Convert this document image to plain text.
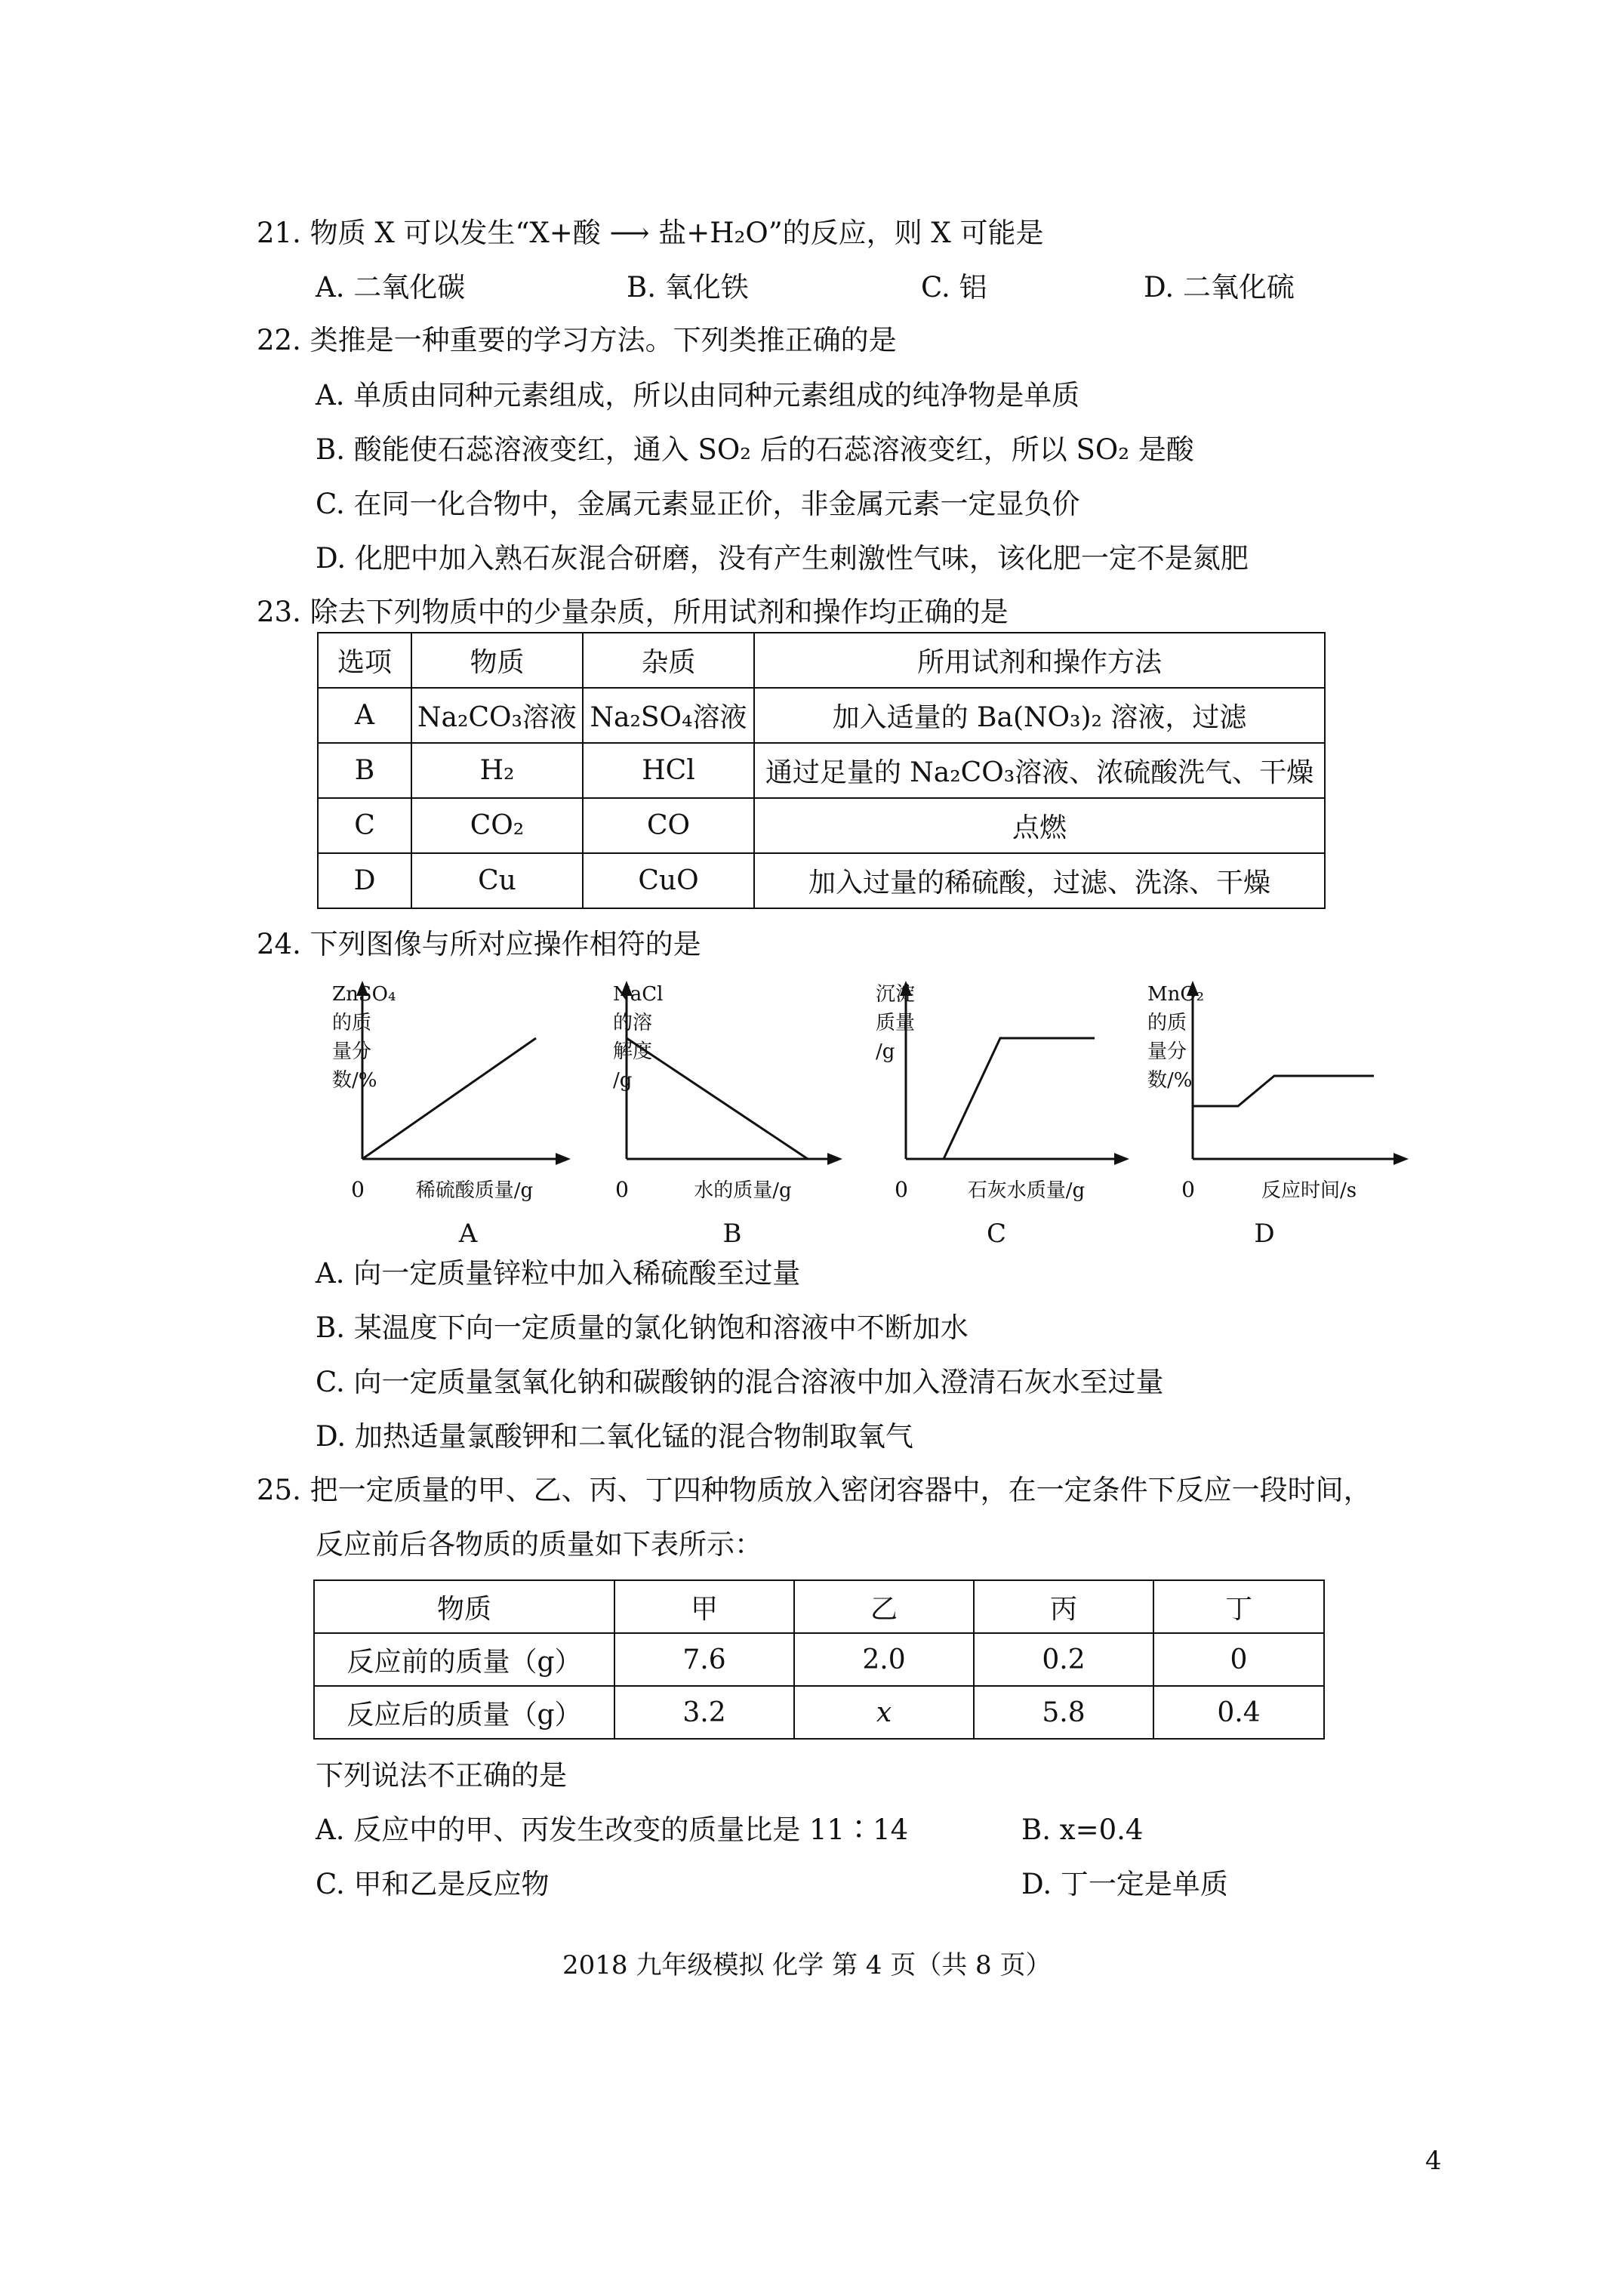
21. 物质 X 可以发生“X+酸 ⟶ 盐+H₂O”的反应，则 X 可能是
A. 二氧化碳	B. 氧化铁	C. 铝	D. 二氧化硫
22. 类推是一种重要的学习方法。下列类推正确的是
A. 单质由同种元素组成，所以由同种元素组成的纯净物是单质
B. 酸能使石蕊溶液变红，通入 SO₂ 后的石蕊溶液变红，所以 SO₂ 是酸
C. 在同一化合物中，金属元素显正价，非金属元素一定显负价
D. 化肥中加入熟石灰混合研磨，没有产生刺激性气味，该化肥一定不是氮肥
23. 除去下列物质中的少量杂质，所用试剂和操作均正确的是
选项	物质	杂质	所用试剂和操作方法
A	Na₂CO₃溶液	Na₂SO₄溶液	加入适量的 Ba(NO₃)₂ 溶液，过滤
B	H₂	HCl	通过足量的 Na₂CO₃溶液、浓硫酸洗气、干燥
C	CO₂	CO	点燃
D	Cu	CuO	加入过量的稀硫酸，过滤、洗涤、干燥
24. 下列图像与所对应操作相符的是
ZnSO₄
的质
量分
数/%
0	稀硫酸质量/g
A
NaCl
的溶
解度
/g
0	水的质量/g
B
沉淀
质量
/g
0	石灰水质量/g
C
MnO₂
的质
量分
数/%
0	反应时间/s
D
A. 向一定质量锌粒中加入稀硫酸至过量
B. 某温度下向一定质量的氯化钠饱和溶液中不断加水
C. 向一定质量氢氧化钠和碳酸钠的混合溶液中加入澄清石灰水至过量
D. 加热适量氯酸钾和二氧化锰的混合物制取氧气
25. 把一定质量的甲、乙、丙、丁四种物质放入密闭容器中，在一定条件下反应一段时间，
反应前后各物质的质量如下表所示：
物质	甲	乙	丙	丁
反应前的质量（g）	7.6	2.0	0.2	0
反应后的质量（g）	3.2	x	5.8	0.4
下列说法不正确的是
A. 反应中的甲、丙发生改变的质量比是 11∶14	B. x=0.4
C. 甲和乙是反应物	D. 丁一定是单质
2018 九年级模拟 化学 第 4 页（共 8 页）
4
